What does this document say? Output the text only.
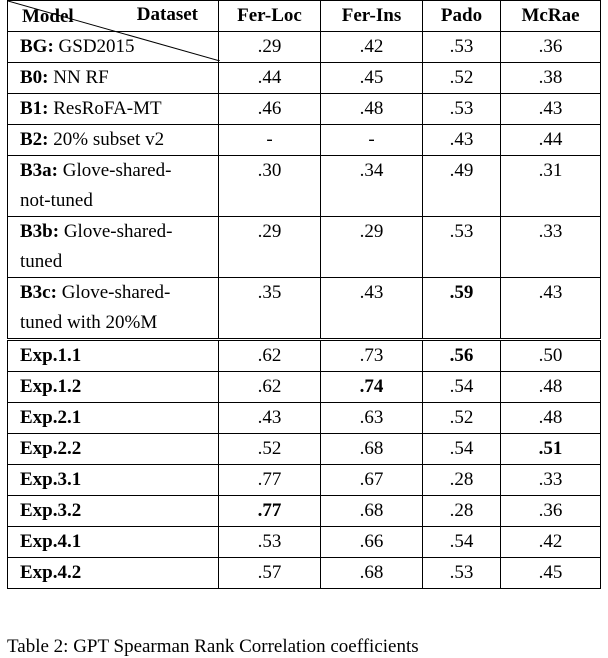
Dataset
Model	Fer-Loc	Fer-Ins	Pado	McRae
BG: GSD2015	.29	.42	.53	.36
B0: NN RF	.44	.45	.52	.38
B1: ResRoFA-MT	.46	.48	.53	.43
B2: 20% subset v2	-	-	.43	.44
B3a: Glove-shared-
not-tuned	.30	.34	.49	.31
B3b: Glove-shared-
tuned	.29	.29	.53	.33
B3c: Glove-shared-
tuned with 20%M	.35	.43	.59	.43
Exp.1.1	.62	.73	.56	.50
Exp.1.2	.62	.74	.54	.48
Exp.2.1	.43	.63	.52	.48
Exp.2.2	.52	.68	.54	.51
Exp.3.1	.77	.67	.28	.33
Exp.3.2	.77	.68	.28	.36
Exp.4.1	.53	.66	.54	.42
Exp.4.2	.57	.68	.53	.45
Table 2: GPT Spearman Rank Correlation coefficients
